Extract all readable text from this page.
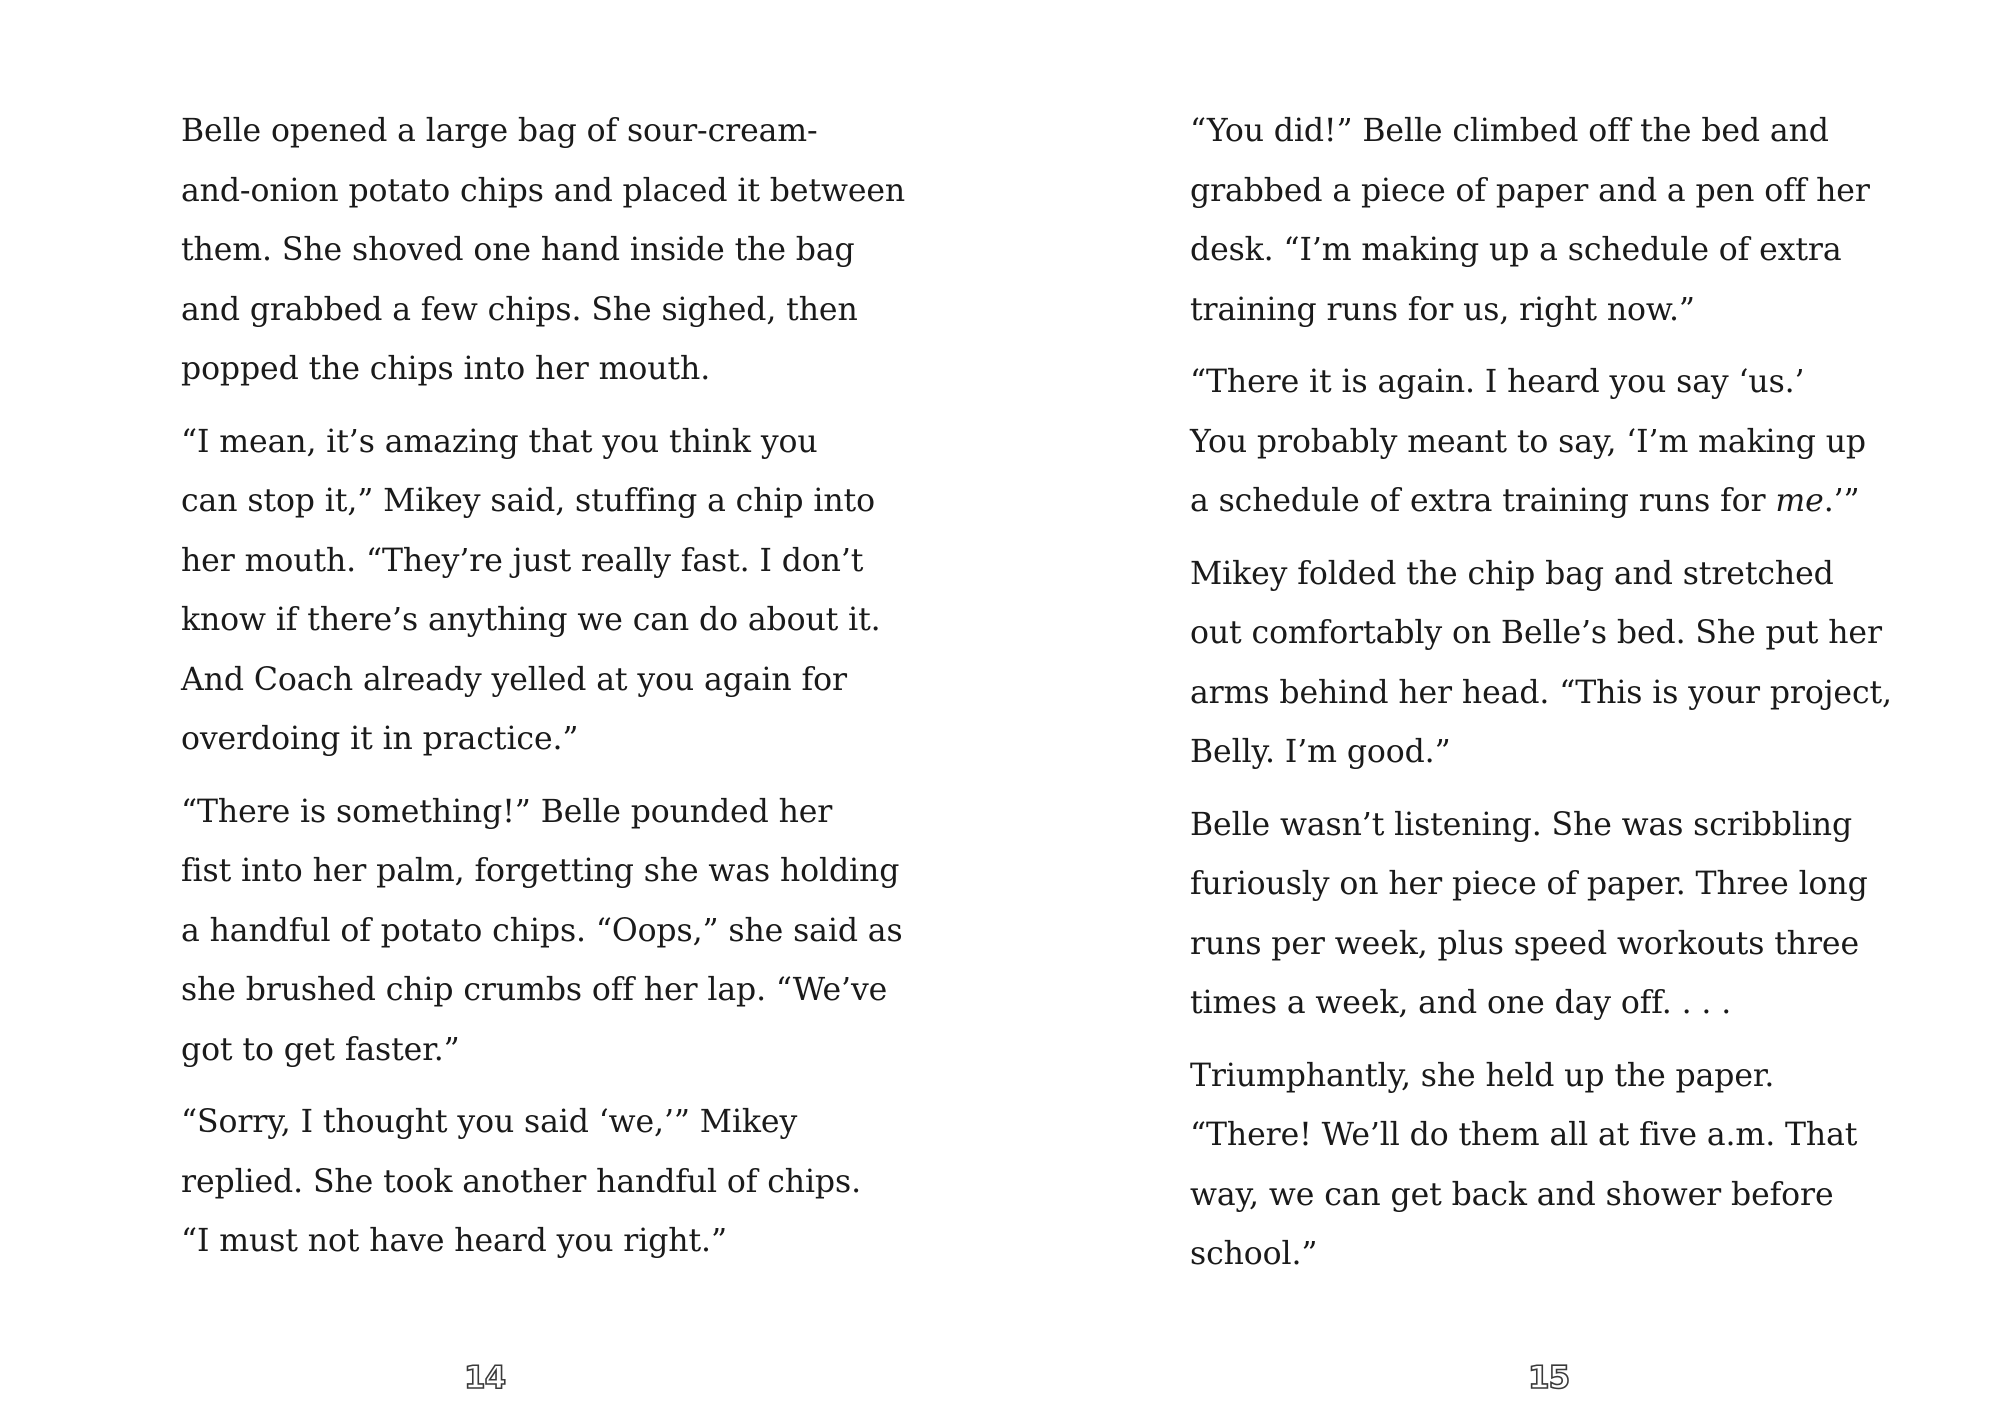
Belle opened a large bag of sour-cream-
and-onion potato chips and placed it between
them. She shoved one hand inside the bag
and grabbed a few chips. She sighed, then
popped the chips into her mouth.

“I mean, it’s amazing that you think you
can stop it,” Mikey said, stuffing a chip into
her mouth. “They’re just really fast. I don’t
know if there’s anything we can do about it.
And Coach already yelled at you again for
overdoing it in practice.”

“There is something!” Belle pounded her
fist into her palm, forgetting she was holding
a handful of potato chips. “Oops,” she said as
she brushed chip crumbs off her lap. “We’ve
got to get faster.”

“Sorry, I thought you said ‘we,’” Mikey
replied. She took another handful of chips.
“I must not have heard you right.”

14

“You did!” Belle climbed off the bed and
grabbed a piece of paper and a pen off her
desk. “I’m making up a schedule of extra
training runs for us, right now.”

“There it is again. I heard you say ‘us.’
You probably meant to say, ‘I’m making up
a schedule of extra training runs for me.’”

Mikey folded the chip bag and stretched
out comfortably on Belle’s bed. She put her
arms behind her head. “This is your project,
Belly. I’m good.”

Belle wasn’t listening. She was scribbling
furiously on her piece of paper. Three long
runs per week, plus speed workouts three
times a week, and one day off. . . .

Triumphantly, she held up the paper.
“There! We’ll do them all at five a.m. That
way, we can get back and shower before
school.”

15
